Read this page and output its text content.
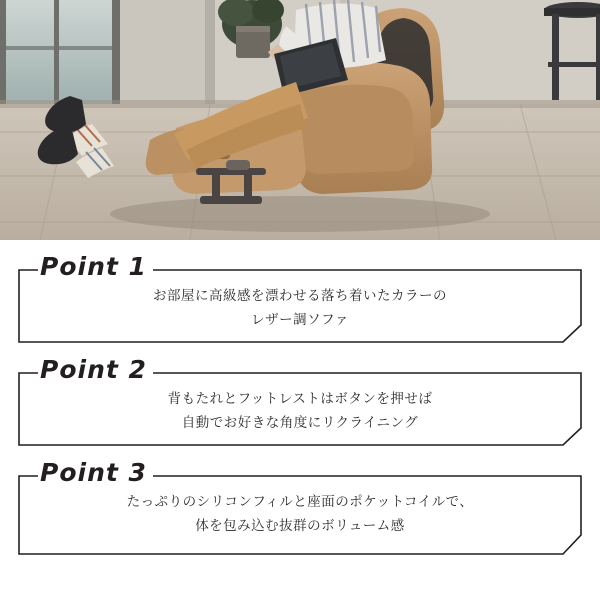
Point 1
お部屋に高級感を漂わせる落ち着いたカラーの
レザー調ソファ
Point 2
背もたれとフットレストはボタンを押せば
自動でお好きな角度にリクライニング
Point 3
たっぷりのシリコンフィルと座面のポケットコイルで、
体を包み込む抜群のボリューム感
